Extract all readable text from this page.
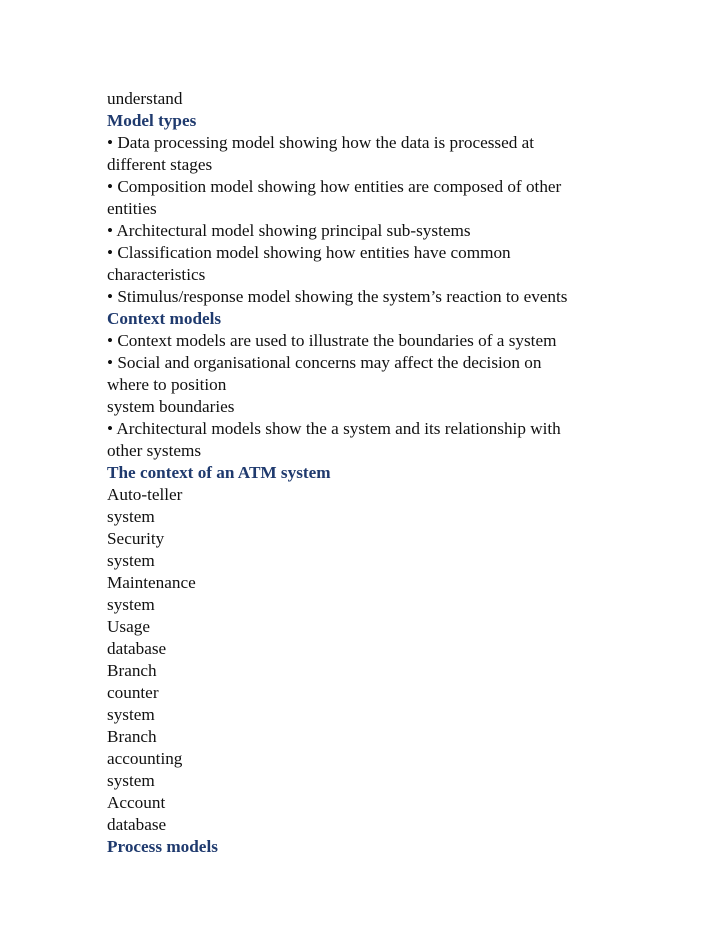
understand
Model types
• Data processing model showing how the data is processed at
different stages
• Composition model showing how entities are composed of other
entities
• Architectural model showing principal sub-systems
• Classification model showing how entities have common
characteristics
• Stimulus/response model showing the system’s reaction to events
Context models
• Context models are used to illustrate the boundaries of a system
• Social and organisational concerns may affect the decision on
where to position
system boundaries
• Architectural models show the a system and its relationship with
other systems
The context of an ATM system
Auto-teller
system
Security
system
Maintenance
system
Usage
database
Branch
counter
system
Branch
accounting
system
Account
database
Process models
